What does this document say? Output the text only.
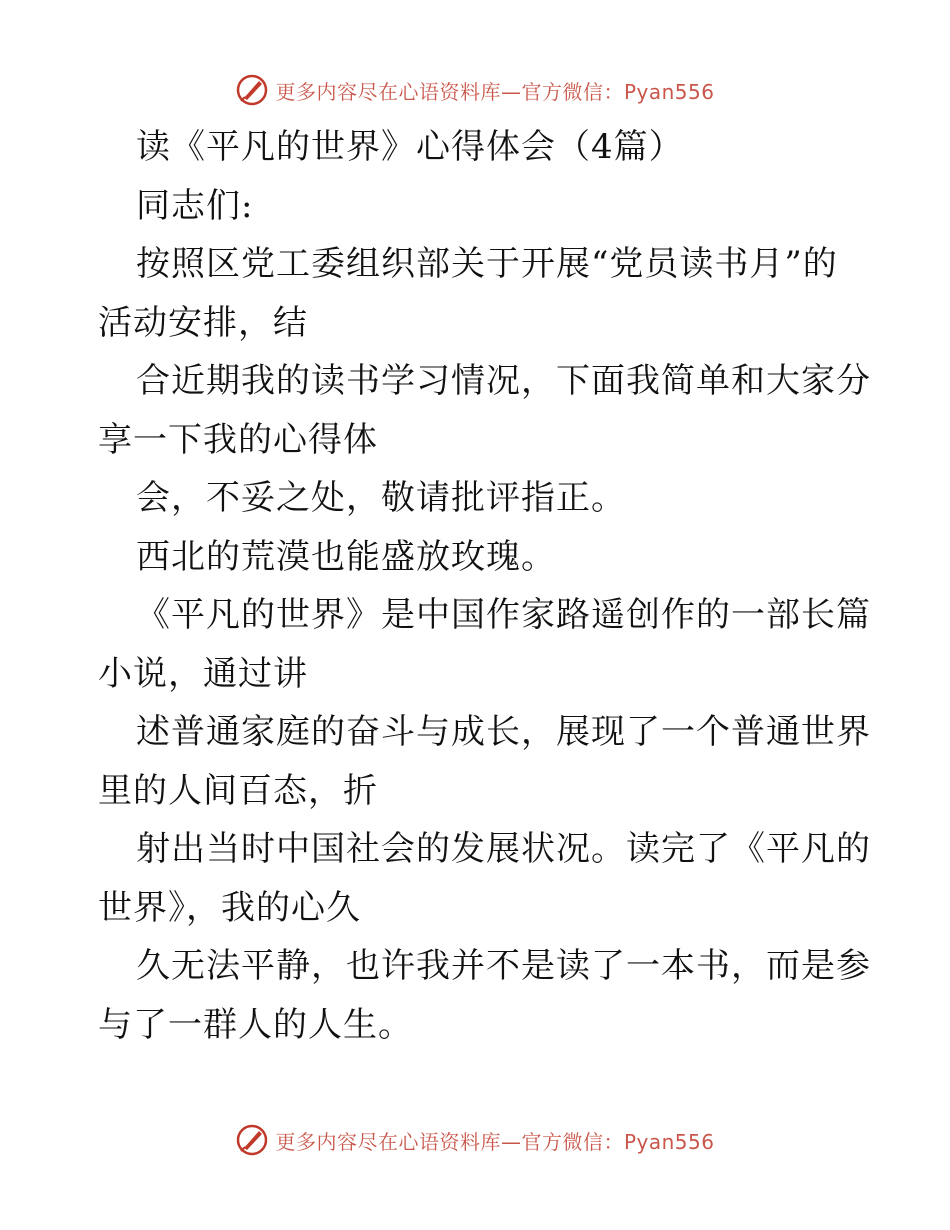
更多内容尽在心语资料库—官方微信：Pyan556
读《平凡的世界》心得体会（4篇）
同志们:
按照区党工委组织部关于开展“党员读书月”的
活动安排，结
合近期我的读书学习情况，下面我简单和大家分
享一下我的心得体
会，不妥之处，敬请批评指正。
西北的荒漠也能盛放玫瑰。
《平凡的世界》是中国作家路遥创作的一部长篇
小说，通过讲
述普通家庭的奋斗与成长，展现了一个普通世界
里的人间百态，折
射出当时中国社会的发展状况。读完了《平凡的
世界》，我的心久
久无法平静，也许我并不是读了一本书，而是参
与了一群人的人生。
更多内容尽在心语资料库—官方微信：Pyan556
